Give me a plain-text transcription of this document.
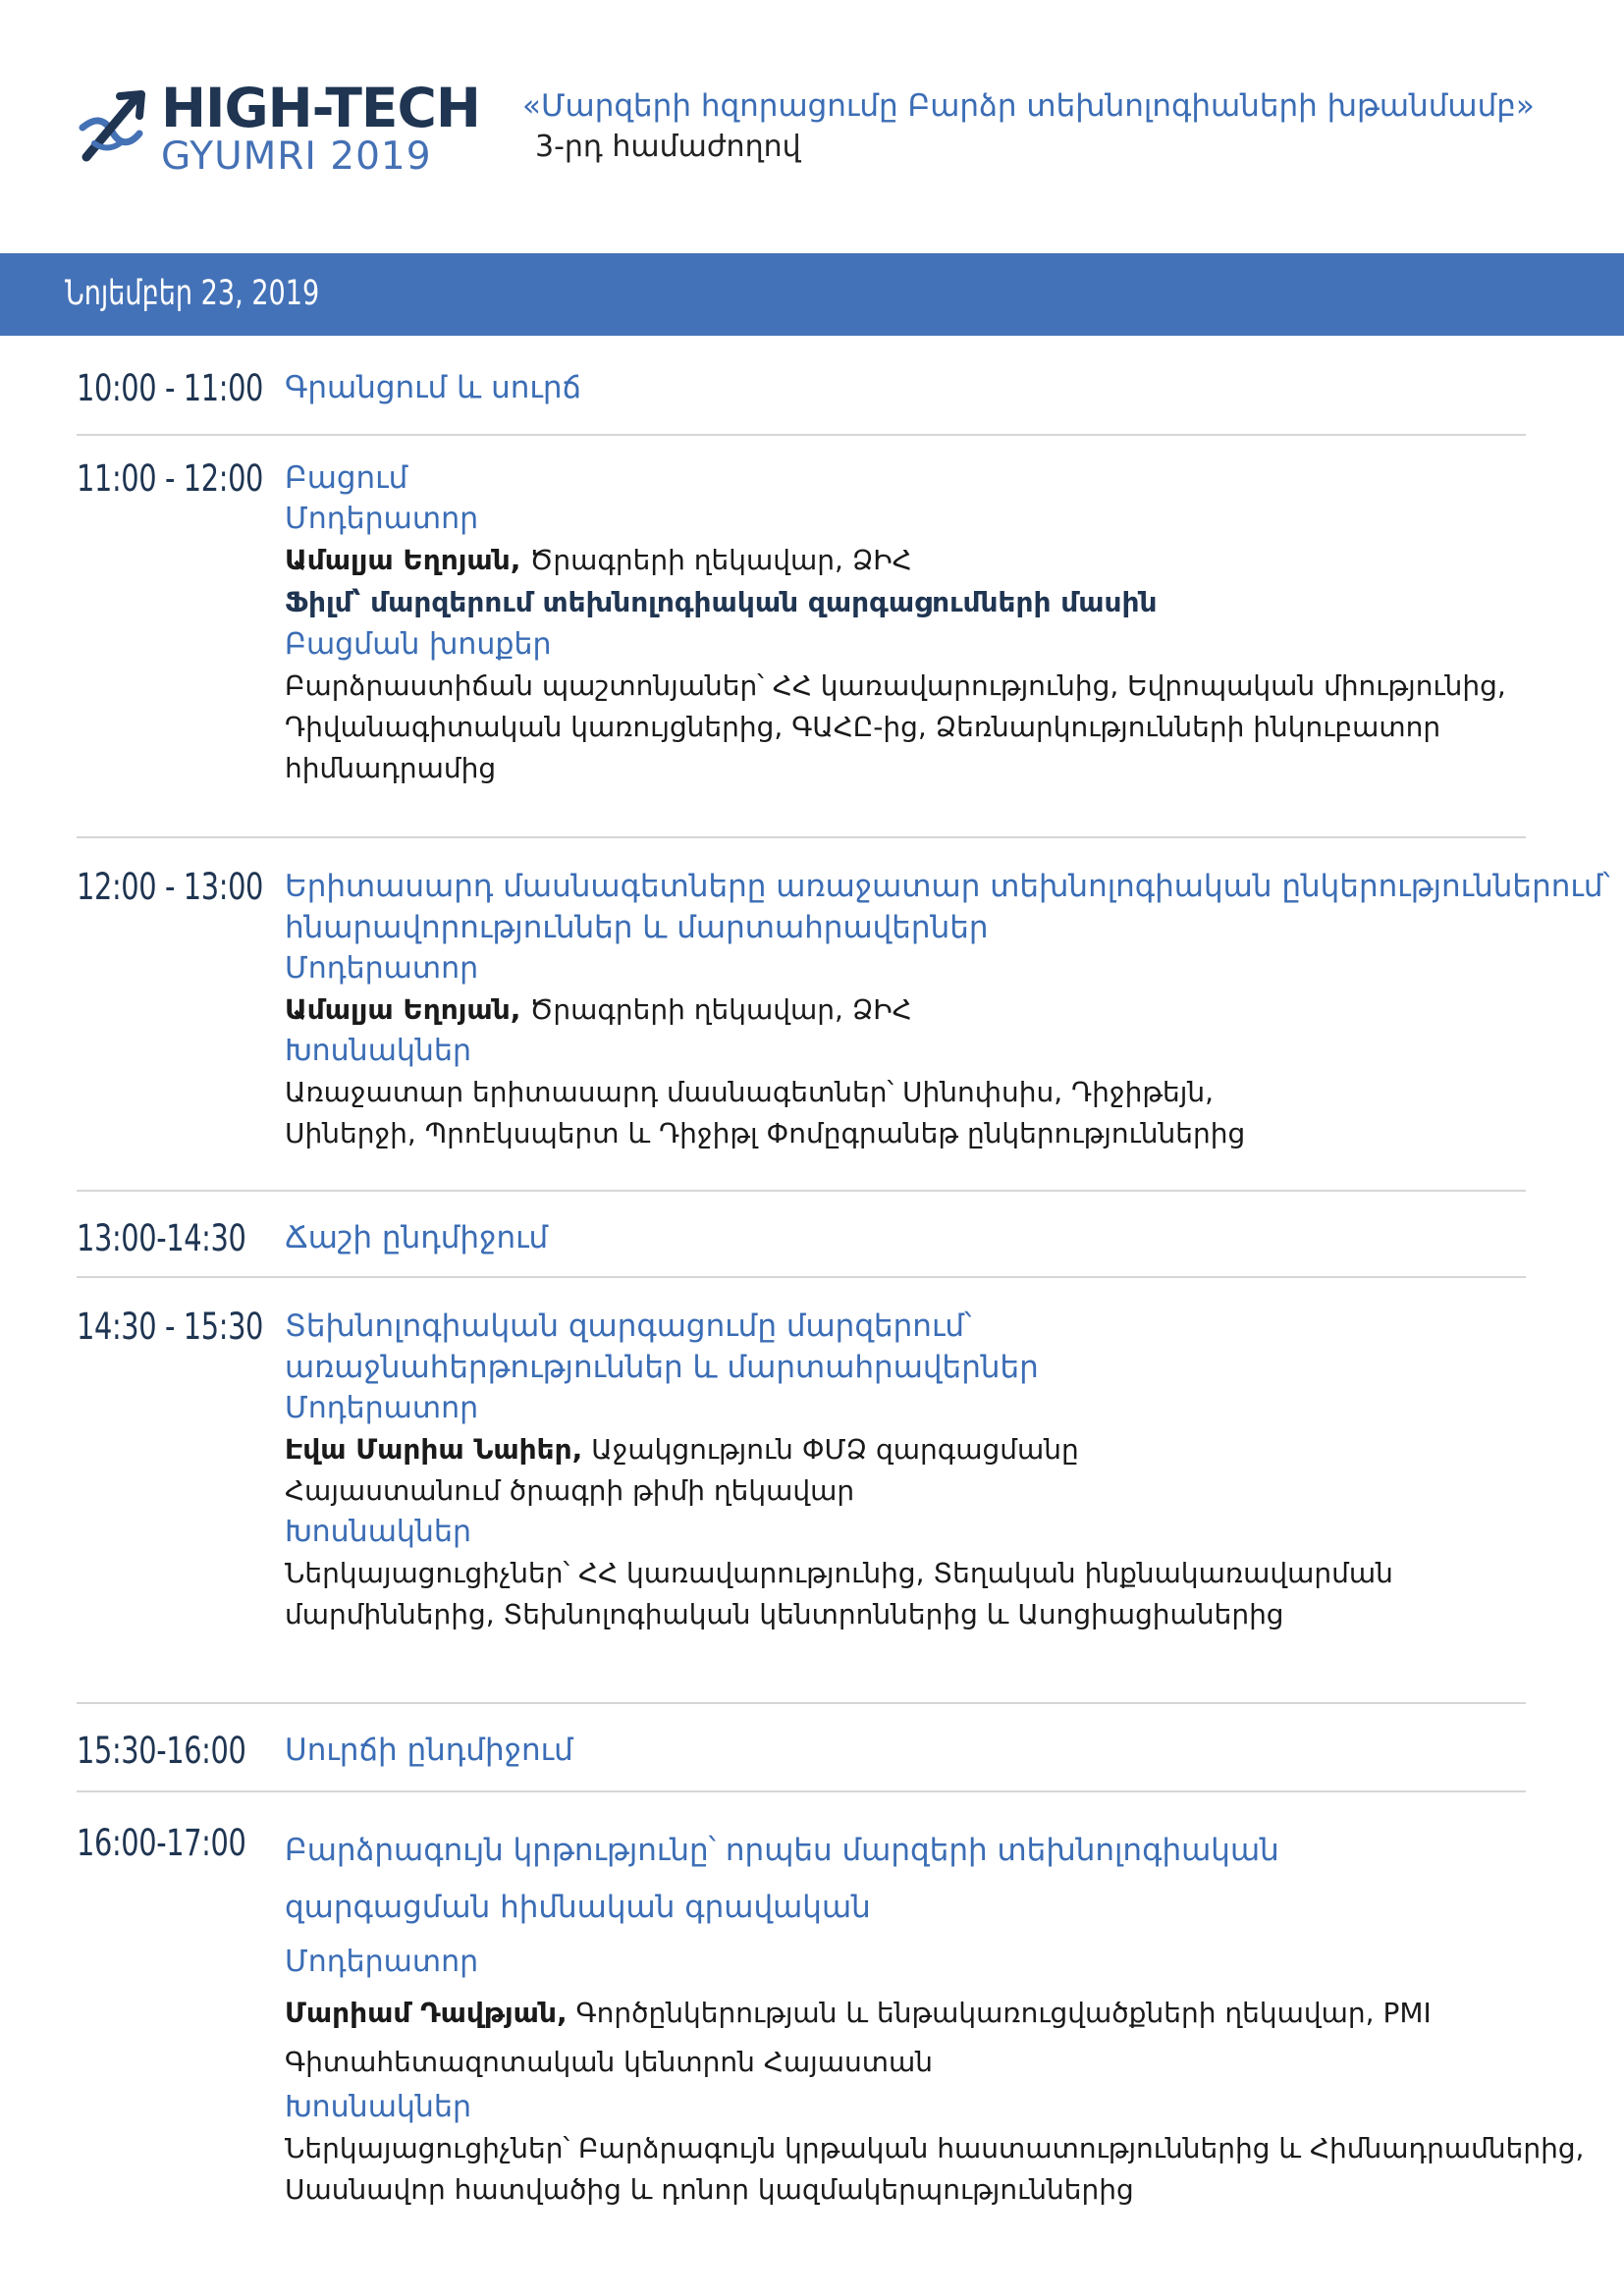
HIGH-TECH
GYUMRI 2019
«Մարզերի հզորացումը Բարձր տեխնոլոգիաների խթանմամբ»
3-րդ համաժողով
Նոյեմբեր 23, 2019
10:00 - 11:00 Գրանցում և սուրճ
11:00 - 12:00 Բացում
Մոդերատոր
Ամալյա Եղոյան, Ծրագրերի ղեկավար, ՁԻՀ
Ֆիլմ՝ մարզերում տեխնոլոգիական զարգացումների մասին
Բացման խոսքեր
Բարձրաստիճան պաշտոնյաներ՝ ՀՀ կառավարությունից, Եվրոպական միությունից,
Դիվանագիտական կառույցներից, ԳԱՀԸ-ից, Ձեռնարկությունների ինկուբատոր
հիմնադրամից
12:00 - 13:00 Երիտասարդ մասնագետները առաջատար տեխնոլոգիական ընկերություններում՝
հնարավորություններ և մարտահրավերներ
Մոդերատոր
Ամալյա Եղոյան, Ծրագրերի ղեկավար, ՁԻՀ
Խոսնակներ
Առաջատար երիտասարդ մասնագետներ՝ Սինոփսիս, Դիջիթեյն,
Սիներջի, Պրոէկսպերտ և Դիջիթլ Փոմըգրանեթ ընկերություններից
13:00-14:30 Ճաշի ընդմիջում
14:30 - 15:30 Տեխնոլոգիական զարգացումը մարզերում՝
առաջնահերթություններ և մարտահրավերներ
Մոդերատոր
Էվա Մարիա Նաիեր, Աջակցություն ՓՄՁ զարգացմանը
Հայաստանում ծրագրի թիմի ղեկավար
Խոսնակներ
Ներկայացուցիչներ՝ ՀՀ կառավարությունից, Տեղական ինքնակառավարման
մարմիններից, Տեխնոլոգիական կենտրոններից և Ասոցիացիաներից
15:30-16:00 Սուրճի ընդմիջում
16:00-17:00 Բարձրագույն կրթությունը՝ որպես մարզերի տեխնոլոգիական
զարգացման հիմնական գրավական
Մոդերատոր
Մարիամ Դավթյան, Գործընկերության և ենթակառուցվածքների ղեկավար, PMI
Գիտահետազոտական կենտրոն Հայաստան
Խոսնակներ
Ներկայացուցիչներ՝ Բարձրագույն կրթական հաստատություններից և Հիմնադրամներից,
Սասնավոր հատվածից և դոնոր կազմակերպություններից
